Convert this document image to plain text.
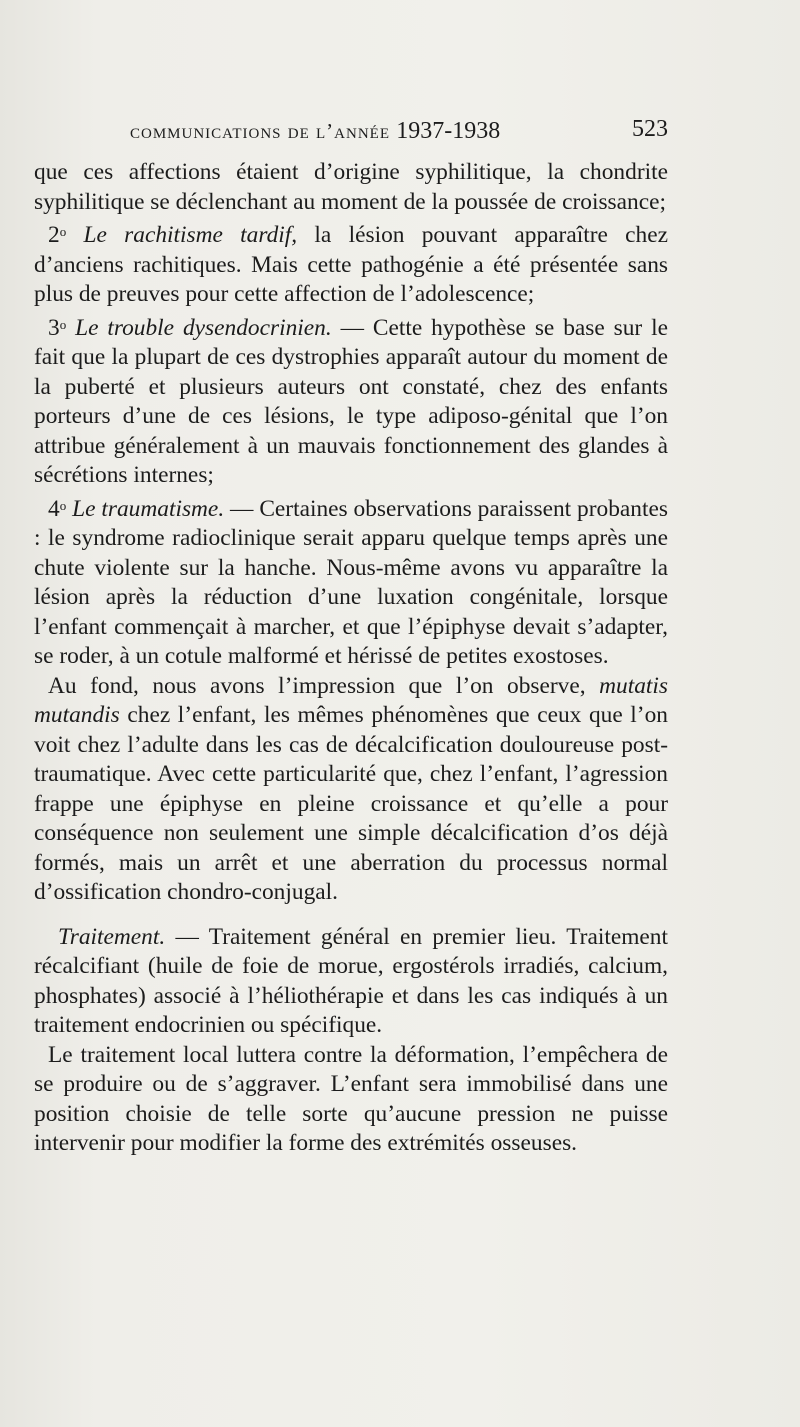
communications de l’année 1937-1938	523

que ces affections étaient d’origine syphilitique, la chondrite syphilitique se déclenchant au moment de la poussée de croissance;

2$^o$ Le rachitisme tardif, la lésion pouvant apparaître chez d’anciens rachitiques. Mais cette pathogénie a été présentée sans plus de preuves pour cette affection de l’adolescence;

3$^o$ Le trouble dysendocrinien. — Cette hypothèse se base sur le fait que la plupart de ces dystrophies apparaît autour du moment de la puberté et plusieurs auteurs ont constaté, chez des enfants porteurs d’une de ces lésions, le type adiposo-génital que l’on attribue généralement à un mauvais fonctionnement des glandes à sécrétions internes;

4$^o$ Le traumatisme. — Certaines observations paraissent probantes : le syndrome radioclinique serait apparu quelque temps après une chute violente sur la hanche. Nous-même avons vu apparaître la lésion après la réduction d’une luxation congénitale, lorsque l’enfant commençait à marcher, et que l’épiphyse devait s’adapter, se roder, à un cotule malformé et hérissé de petites exostoses.

Au fond, nous avons l’impression que l’on observe, mutatis mutandis chez l’enfant, les mêmes phénomènes que ceux que l’on voit chez l’adulte dans les cas de décalcification douloureuse post-traumatique. Avec cette particularité que, chez l’enfant, l’agression frappe une épiphyse en pleine croissance et qu’elle a pour conséquence non seulement une simple décalcification d’os déjà formés, mais un arrêt et une aberration du processus normal d’ossification chondro-conjugal.

Traitement. — Traitement général en premier lieu. Traitement récalcifiant (huile de foie de morue, ergostérols irradiés, calcium, phosphates) associé à l’héliothérapie et dans les cas indiqués à un traitement endocrinien ou spécifique.

Le traitement local luttera contre la déformation, l’empêchera de se produire ou de s’aggraver. L’enfant sera immobilisé dans une position choisie de telle sorte qu’aucune pression ne puisse intervenir pour modifier la forme des extrémités osseuses.
